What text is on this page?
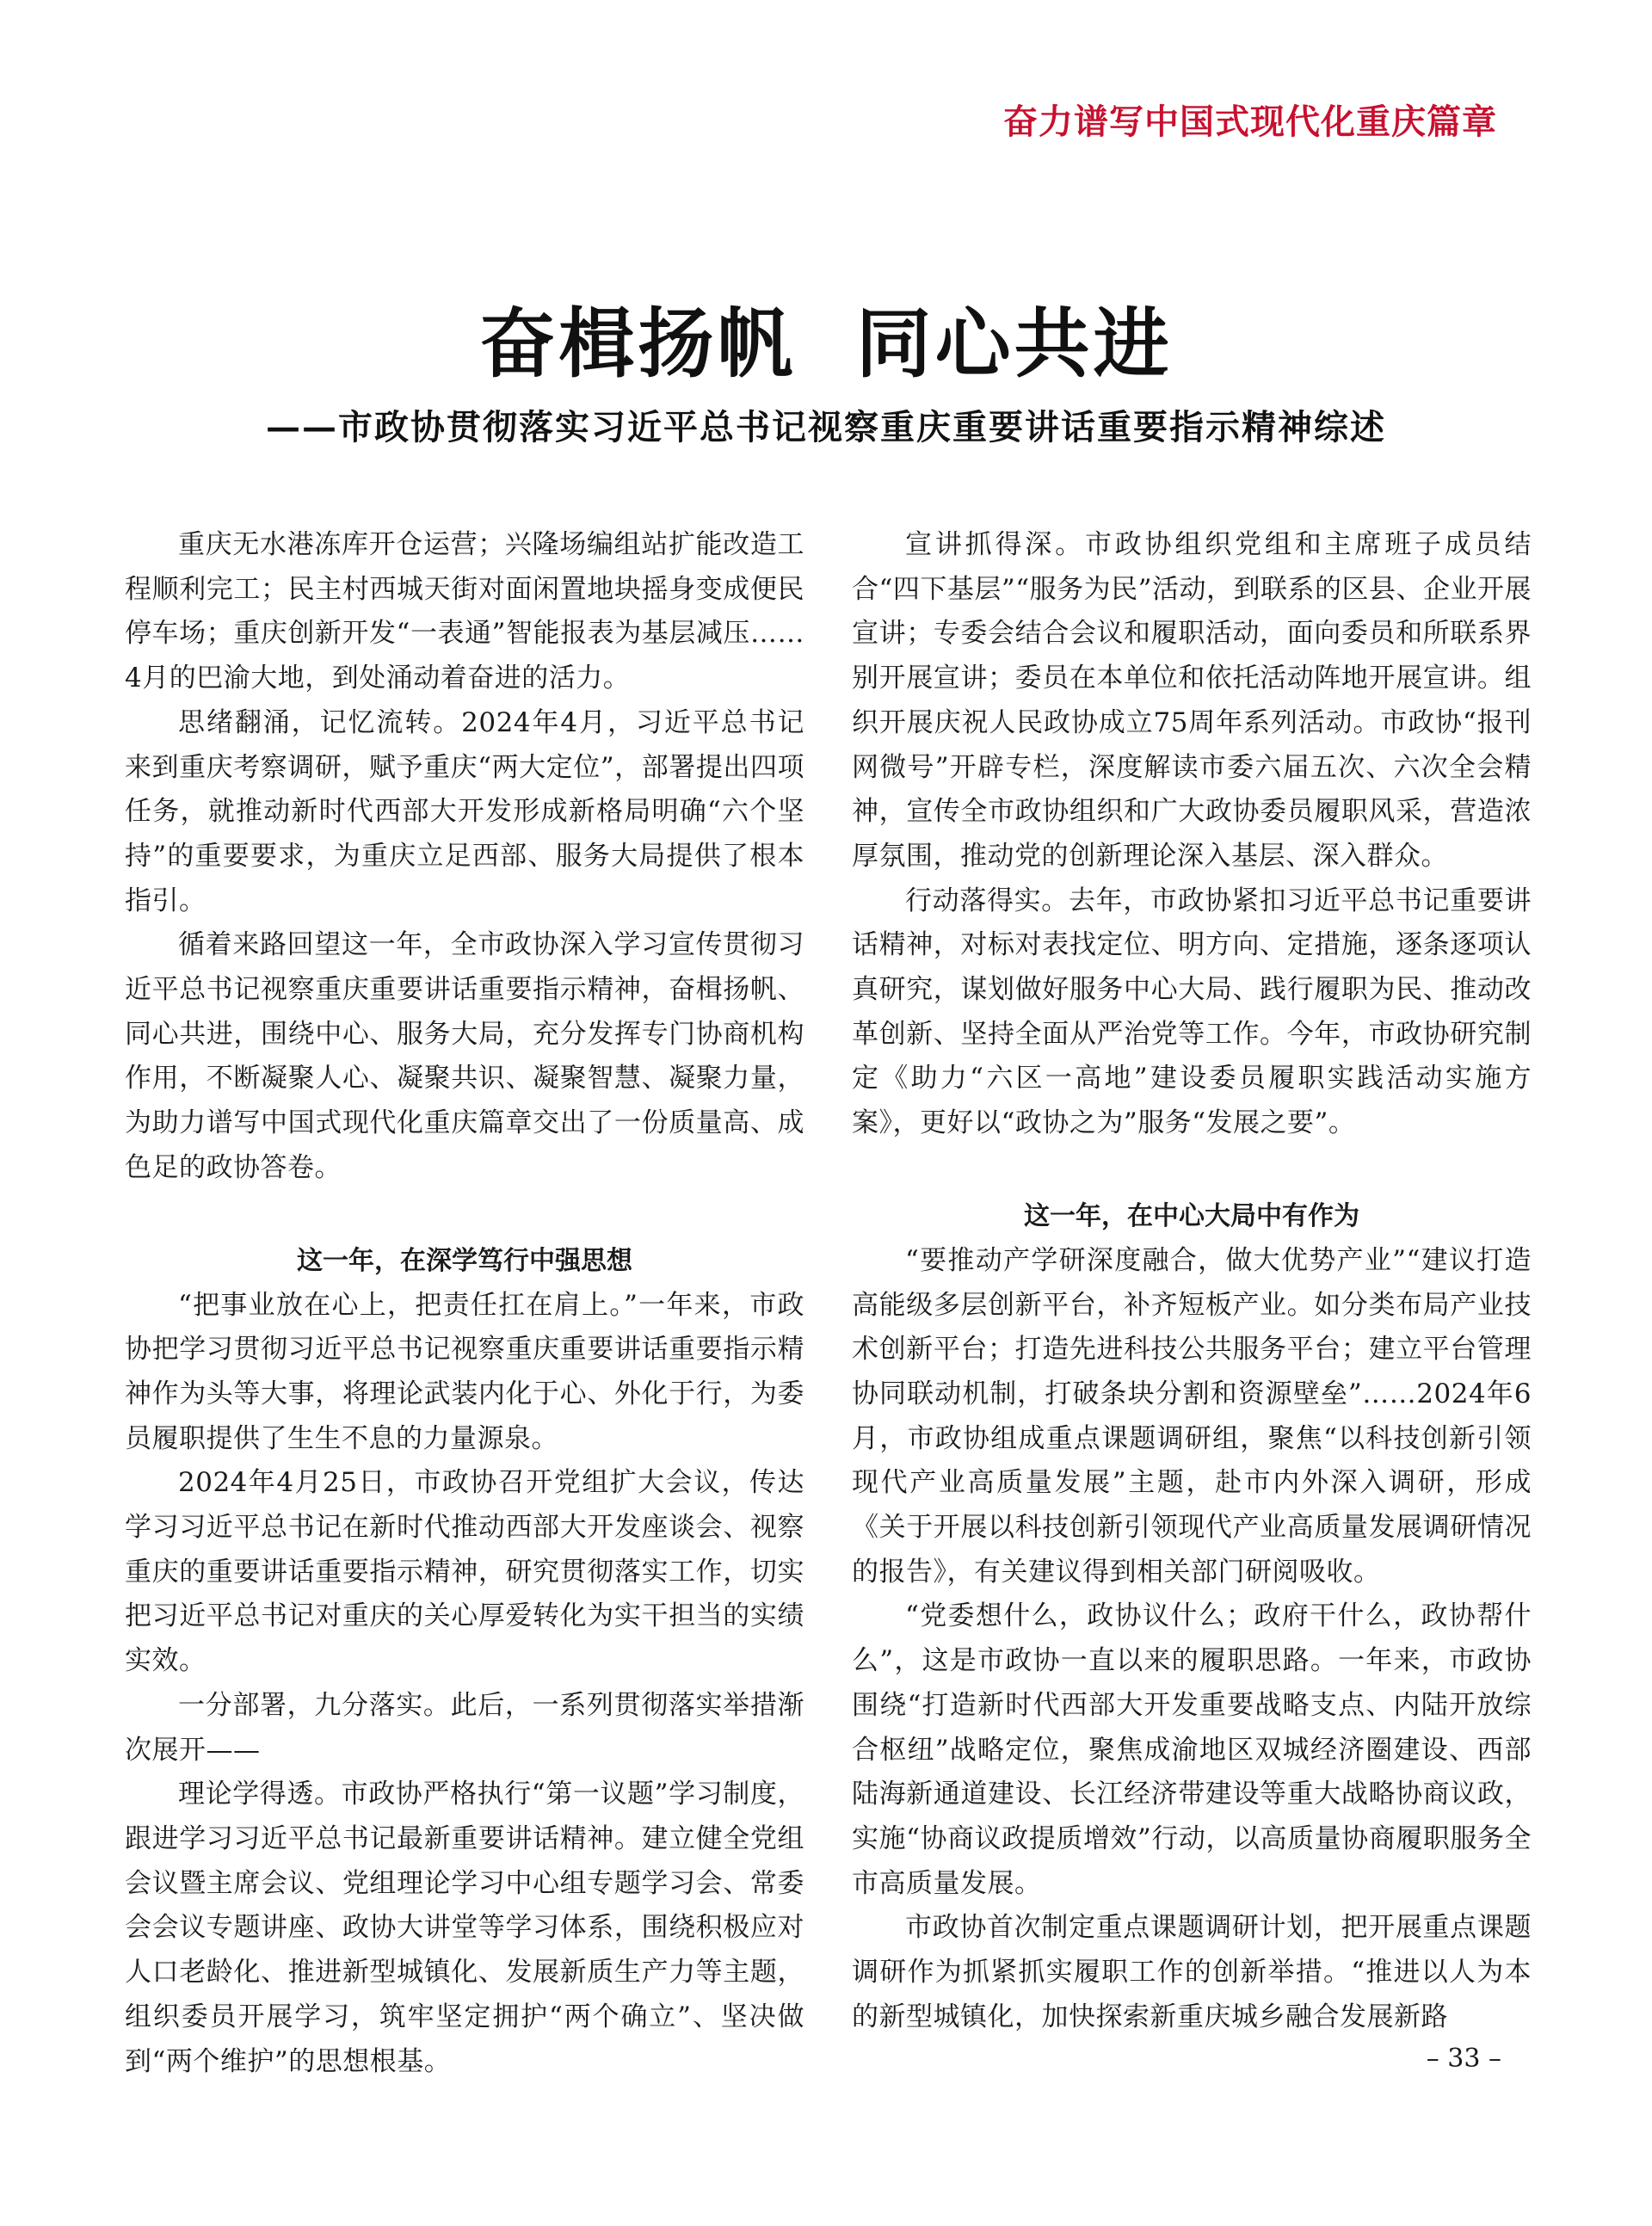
奋力谱写中国式现代化重庆篇章
奋楫扬帆  同心共进
——市政协贯彻落实习近平总书记视察重庆重要讲话重要指示精神综述

重庆无水港冻库开仓运营；兴隆场编组站扩能改造工程顺利完工；民主村西城天街对面闲置地块摇身变成便民停车场；重庆创新开发“一表通”智能报表为基层减压……4月的巴渝大地，到处涌动着奋进的活力。

思绪翻涌，记忆流转。2024年4月，习近平总书记来到重庆考察调研，赋予重庆“两大定位”，部署提出四项任务，就推动新时代西部大开发形成新格局明确“六个坚持”的重要要求，为重庆立足西部、服务大局提供了根本指引。

循着来路回望这一年，全市政协深入学习宣传贯彻习近平总书记视察重庆重要讲话重要指示精神，奋楫扬帆、同心共进，围绕中心、服务大局，充分发挥专门协商机构作用，不断凝聚人心、凝聚共识、凝聚智慧、凝聚力量，为助力谱写中国式现代化重庆篇章交出了一份质量高、成色足的政协答卷。

这一年，在深学笃行中强思想

“把事业放在心上，把责任扛在肩上。”一年来，市政协把学习贯彻习近平总书记视察重庆重要讲话重要指示精神作为头等大事，将理论武装内化于心、外化于行，为委员履职提供了生生不息的力量源泉。

2024年4月25日，市政协召开党组扩大会议，传达学习习近平总书记在新时代推动西部大开发座谈会、视察重庆的重要讲话重要指示精神，研究贯彻落实工作，切实把习近平总书记对重庆的关心厚爱转化为实干担当的实绩实效。

一分部署，九分落实。此后，一系列贯彻落实举措渐次展开——

理论学得透。市政协严格执行“第一议题”学习制度，跟进学习习近平总书记最新重要讲话精神。建立健全党组会议暨主席会议、党组理论学习中心组专题学习会、常委会会议专题讲座、政协大讲堂等学习体系，围绕积极应对人口老龄化、推进新型城镇化、发展新质生产力等主题，组织委员开展学习，筑牢坚定拥护“两个确立”、坚决做到“两个维护”的思想根基。

宣讲抓得深。市政协组织党组和主席班子成员结合“四下基层”“服务为民”活动，到联系的区县、企业开展宣讲；专委会结合会议和履职活动，面向委员和所联系界别开展宣讲；委员在本单位和依托活动阵地开展宣讲。组织开展庆祝人民政协成立75周年系列活动。市政协“报刊网微号”开辟专栏，深度解读市委六届五次、六次全会精神，宣传全市政协组织和广大政协委员履职风采，营造浓厚氛围，推动党的创新理论深入基层、深入群众。

行动落得实。去年，市政协紧扣习近平总书记重要讲话精神，对标对表找定位、明方向、定措施，逐条逐项认真研究，谋划做好服务中心大局、践行履职为民、推动改革创新、坚持全面从严治党等工作。今年，市政协研究制定《助力“六区一高地”建设委员履职实践活动实施方案》，更好以“政协之为”服务“发展之要”。

这一年，在中心大局中有作为

“要推动产学研深度融合，做大优势产业”“建议打造高能级多层创新平台，补齐短板产业。如分类布局产业技术创新平台；打造先进科技公共服务平台；建立平台管理协同联动机制，打破条块分割和资源壁垒”……2024年6月，市政协组成重点课题调研组，聚焦“以科技创新引领现代产业高质量发展”主题，赴市内外深入调研，形成《关于开展以科技创新引领现代产业高质量发展调研情况的报告》，有关建议得到相关部门研阅吸收。

“党委想什么，政协议什么；政府干什么，政协帮什么”，这是市政协一直以来的履职思路。一年来，市政协围绕“打造新时代西部大开发重要战略支点、内陆开放综合枢纽”战略定位，聚焦成渝地区双城经济圈建设、西部陆海新通道建设、长江经济带建设等重大战略协商议政，实施“协商议政提质增效”行动，以高质量协商履职服务全市高质量发展。

市政协首次制定重点课题调研计划，把开展重点课题调研作为抓紧抓实履职工作的创新举措。“推进以人为本的新型城镇化，加快探索新重庆城乡融合发展新路

– 33 –
